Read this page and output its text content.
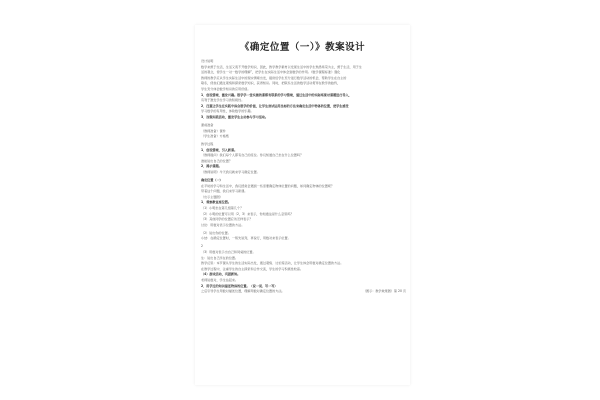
《确定位置（一）》教案设计
设计说明
数学来源于生活，生活又离不开数学知识，因此，教学教学素材以发现生活中的学生熟悉场景为主，源于生活，用于生
活的观念，使学生一对一数学的理解”，把学生在实际生活中体会到数学的作用。《数学课程标准》强化
教师的教学应从学生实际生活中的现实情境出发，提供给学生充分进行数学活动的机会，帮助学生在自主的
联系，使他们通过观察和探索数学知识，获得知识。同时，把联系生活的数学活动贯穿在教学的始终，
学生充分体会数学知识的应用价值。
1．创设情境，激发兴趣。数学学一堂实施的课都有联系的学习情境，通过生活中的实际场景对课题进行导入，
有利于激发学生学习的积极性。
2．注重让学生在实践中体会数学的价值，让学生尝试运用坐标的方法来确定生活中物体的位置，使学生感受
学习数学的有用性，体验数学的乐趣。
3．加强实践活动，激发学生主动参与学习活动。
课前准备
（教师准备）课件
（学生准备）方格纸
教学过程
1．创设情境，引入新课。
（教师提问）我们每个人都有自己的座位。你们知道自己坐在什么位置吗？
谁能说出自己的位置？
2．揭示课题。
（教师说明）今天我们就来学习确定位置。
确定位置（一）
在平时的学习和生活中，我们经常会遇到一些需要确定物体位置的问题，如何确定物体的位置呢？
带着这个问题，我们来学习新课。
（出示主题图）
1．观察教室座位图。
（1）小明坐在第几组第几个？
（2）小明的位置可以用（2，3）来表示，你知道这是什么意思吗？
（3）其他同学的位置应该怎样表示？
讨论：用数对表示位置的方法。
（2）说出你的位置。
小结：在确定位置时，一般先说列，再说行，用数对来表示位置。
2
（3）用数对表示出自己和同桌的位置。
生：说出自己所在的位置。
教学反思：本节课从学生的生活实际出发，通过观察、讨论等活动，让学生体会用数对确定位置的方法。
在教学过程中，注重学生的自主探索和合作交流，学生的学习积极性较高。
（4）游戏活动，巩固新知。
老师说数对，学生站起来。
2．用学过的知识描述物体的位置。（说一说、写一写）
之后引导学生用数对描述位置，理解用数对确定位置的方法。	（图示：教学效果图）第 20 页
